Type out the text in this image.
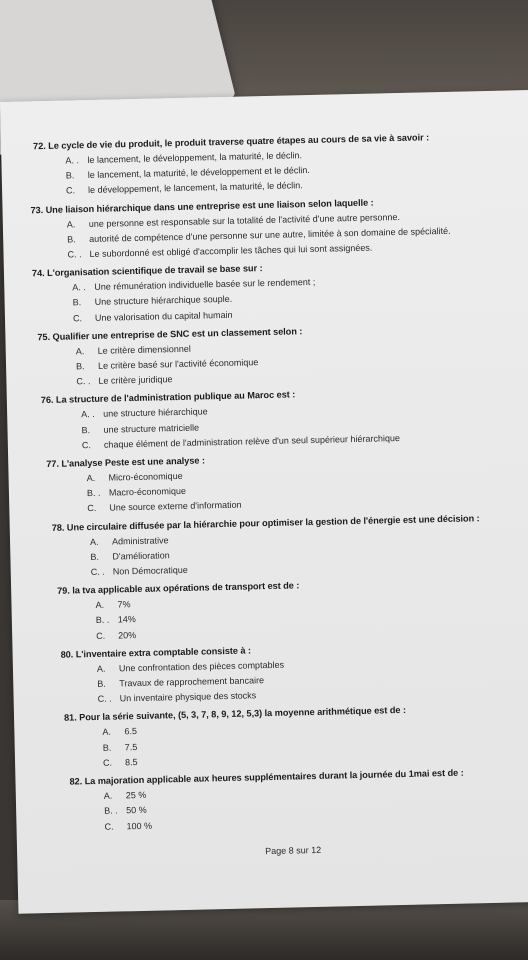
72. Le cycle de vie du produit, le produit traverse quatre étapes au cours de sa vie à savoir :
A. . le lancement, le développement, la maturité, le déclin.
B. le lancement, la maturité, le développement et le déclin.
C. le développement, le lancement, la maturité, le déclin.
73. Une liaison hiérarchique dans une entreprise est une liaison selon laquelle :
A. une personne est responsable sur la totalité de l'activité d'une autre personne.
B. autorité de compétence d'une personne sur une autre, limitée à son domaine de spécialité.
C. . Le subordonné est obligé d'accomplir les tâches qui lui sont assignées.
74. L'organisation scientifique de travail se base sur :
A. . Une rémunération individuelle basée sur le rendement ;
B. Une structure hiérarchique souple.
C. Une valorisation du capital humain
75. Qualifier une entreprise de SNC est un classement selon :
A. Le critère dimensionnel
B. Le critère basé sur l'activité économique
C. . Le critère juridique
76. La structure de l'administration publique au Maroc est :
A. . une structure hiérarchique
B. une structure matricielle
C. chaque élément de l'administration relève d'un seul supérieur hiérarchique
77. L'analyse Peste est une analyse :
A. Micro-économique
B. . Macro-économique
C. Une source externe d'information
78. Une circulaire diffusée par la hiérarchie pour optimiser la gestion de l'énergie est une décision :
A. Administrative
B. D'amélioration
C. . Non Démocratique
79. la tva applicable aux opérations de transport est de :
A. 7%
B. . 14%
C. 20%
80. L'inventaire extra comptable consiste à :
A. Une confrontation des pièces comptables
B. Travaux de rapprochement bancaire
C. . Un inventaire physique des stocks
81. Pour la série suivante, (5, 3, 7, 8, 9, 12, 5,3) la moyenne arithmétique est de :
A. 6.5
B. 7.5
C. 8.5
82. La majoration applicable aux heures supplémentaires durant la journée du 1mai est de :
A. 25 %
B. . 50 %
C. 100 %
Page 8 sur 12
